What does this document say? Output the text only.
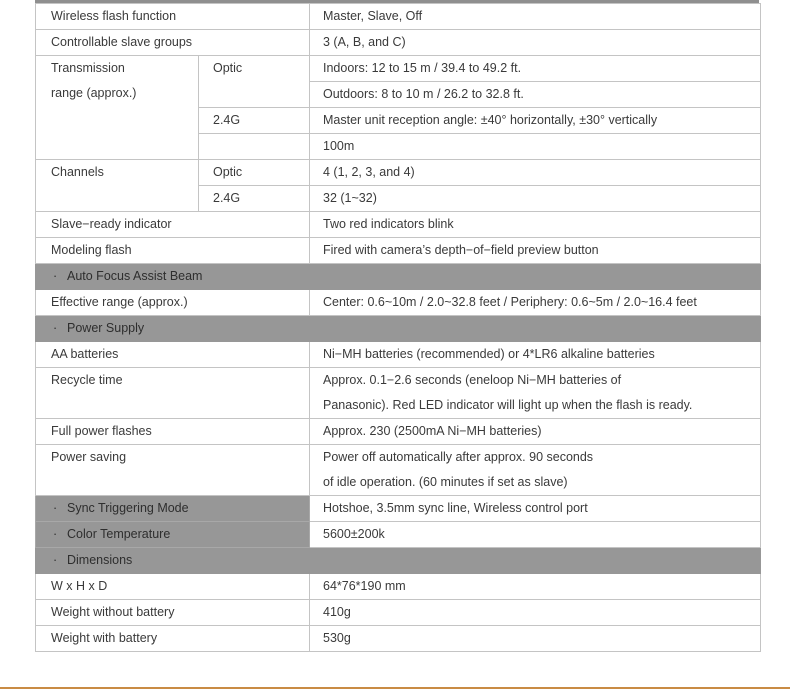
Wireless flash function		Master, Slave, Off
Controllable slave groups		3 (A, B, and C)

Transmission
range (approx.)	Optic	Indoors: 12 to 15 m / 39.4 to 49.2 ft.
		Outdoors: 8 to 10 m / 26.2 to 32.8 ft.
	2.4G	Master unit reception angle: ±40° horizontally, ±30° vertically
		100m
Channels	Optic	4 (1, 2, 3, and 4)
	2.4G	32 (1~32)
Slave−ready indicator		Two red indicators blink
Modeling flash		Fired with camera’s depth−of−field preview button
· Auto Focus Assist Beam		
Effective range (approx.)		Center: 0.6~10m / 2.0~32.8 feet / Periphery: 0.6~5m / 2.0~16.4 feet
· Power Supply		
AA batteries		Ni−MH batteries (recommended) or 4*LR6 alkaline batteries
Recycle time		Approx. 0.1−2.6 seconds (eneloop Ni−MH batteries of
Panasonic). Red LED indicator will light up when the flash is ready.

Full power flashes		Approx. 230 (2500mA Ni−MH batteries)
Power saving		Power off automatically after approx. 90 seconds
of idle operation. (60 minutes if set as slave)

· Sync Triggering Mode		Hotshoe, 3.5mm sync line, Wireless control port
· Color Temperature		5600±200k
· Dimensions		
W x H x D		64*76*190 mm
Weight without battery		410g
Weight with battery		530g
